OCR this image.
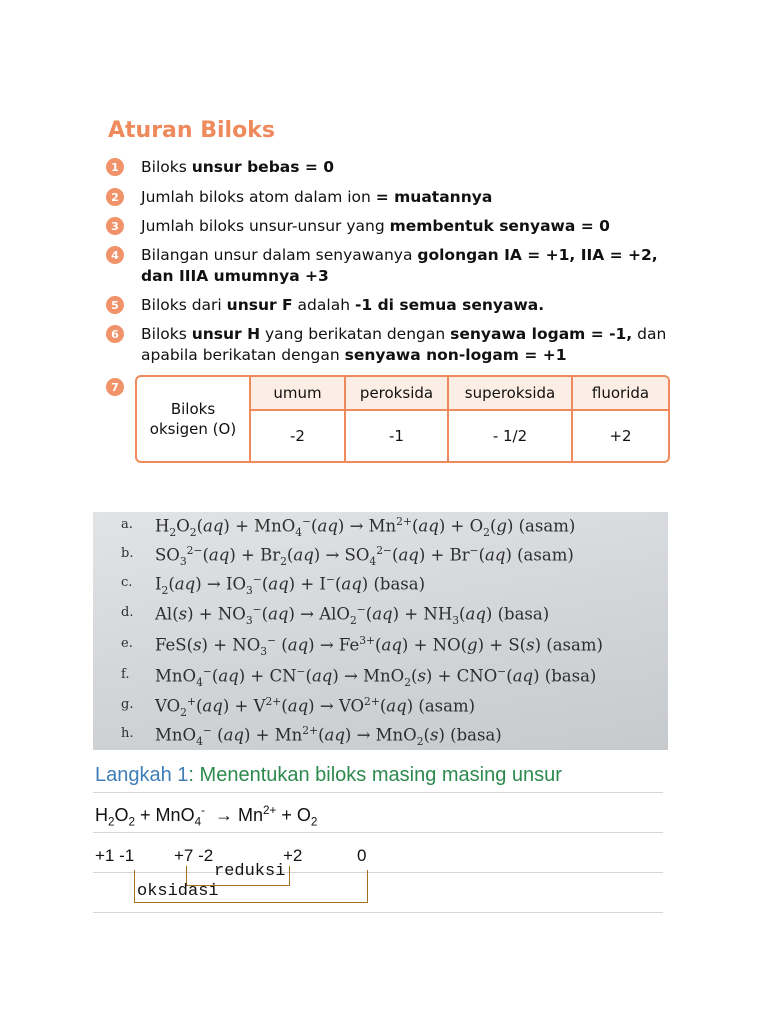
Aturan Biloks
1	Biloks unsur bebas = 0
2	Jumlah biloks atom dalam ion = muatannya
3	Jumlah biloks unsur-unsur yang membentuk senyawa = 0
4	Bilangan unsur dalam senyawanya golongan IA = +1, IIA = +2, dan IIIA umumnya +3
5	Biloks dari unsur F adalah -1 di semua senyawa.
6	Biloks unsur H yang berikatan dengan senyawa logam = -1, dan apabila berikatan dengan senyawa non-logam = +1
7
Biloks
oksigen (O)
umum	peroksida	superoksida	fluorida
-2	-1	- 1/2	+2
a. $H_2O_2(aq) + MnO_4^-(aq) \to Mn^{2+}(aq) + O_2(g)$ (asam)
b. $SO_3^{2-}(aq) + Br_2(aq) \to SO_4^{2-}(aq) + Br^-(aq)$ (asam)
c. $I_2(aq) \to IO_3^-(aq) + I^-(aq)$ (basa)
d. $Al(s) + NO_3^-(aq) \to AlO_2^-(aq) + NH_3(aq)$ (basa)
e. $FeS(s) + NO_3^-$ $(aq) \to Fe^{3+}(aq) + NO(g) + S(s)$ (asam)
f. MnO$_4$−(aq) + CN−(aq) → MnO$_2$(s) + CNO−(aq) (basa)
g. $VO_2^+(aq) + V^{2+}(aq) \to VO^{2+}(aq)$ (asam)
h. MnO$_4$− $(aq) + Mn^{2+}(aq) \to MnO_2(s)$ (basa)
Langkah 1: Menentukan biloks masing masing unsur
$H_2O_2 + MnO_4^- \to Mn^{2+} + O_2$
+1 -1 +7 -2	+2	0
reduksi
oksidasi
